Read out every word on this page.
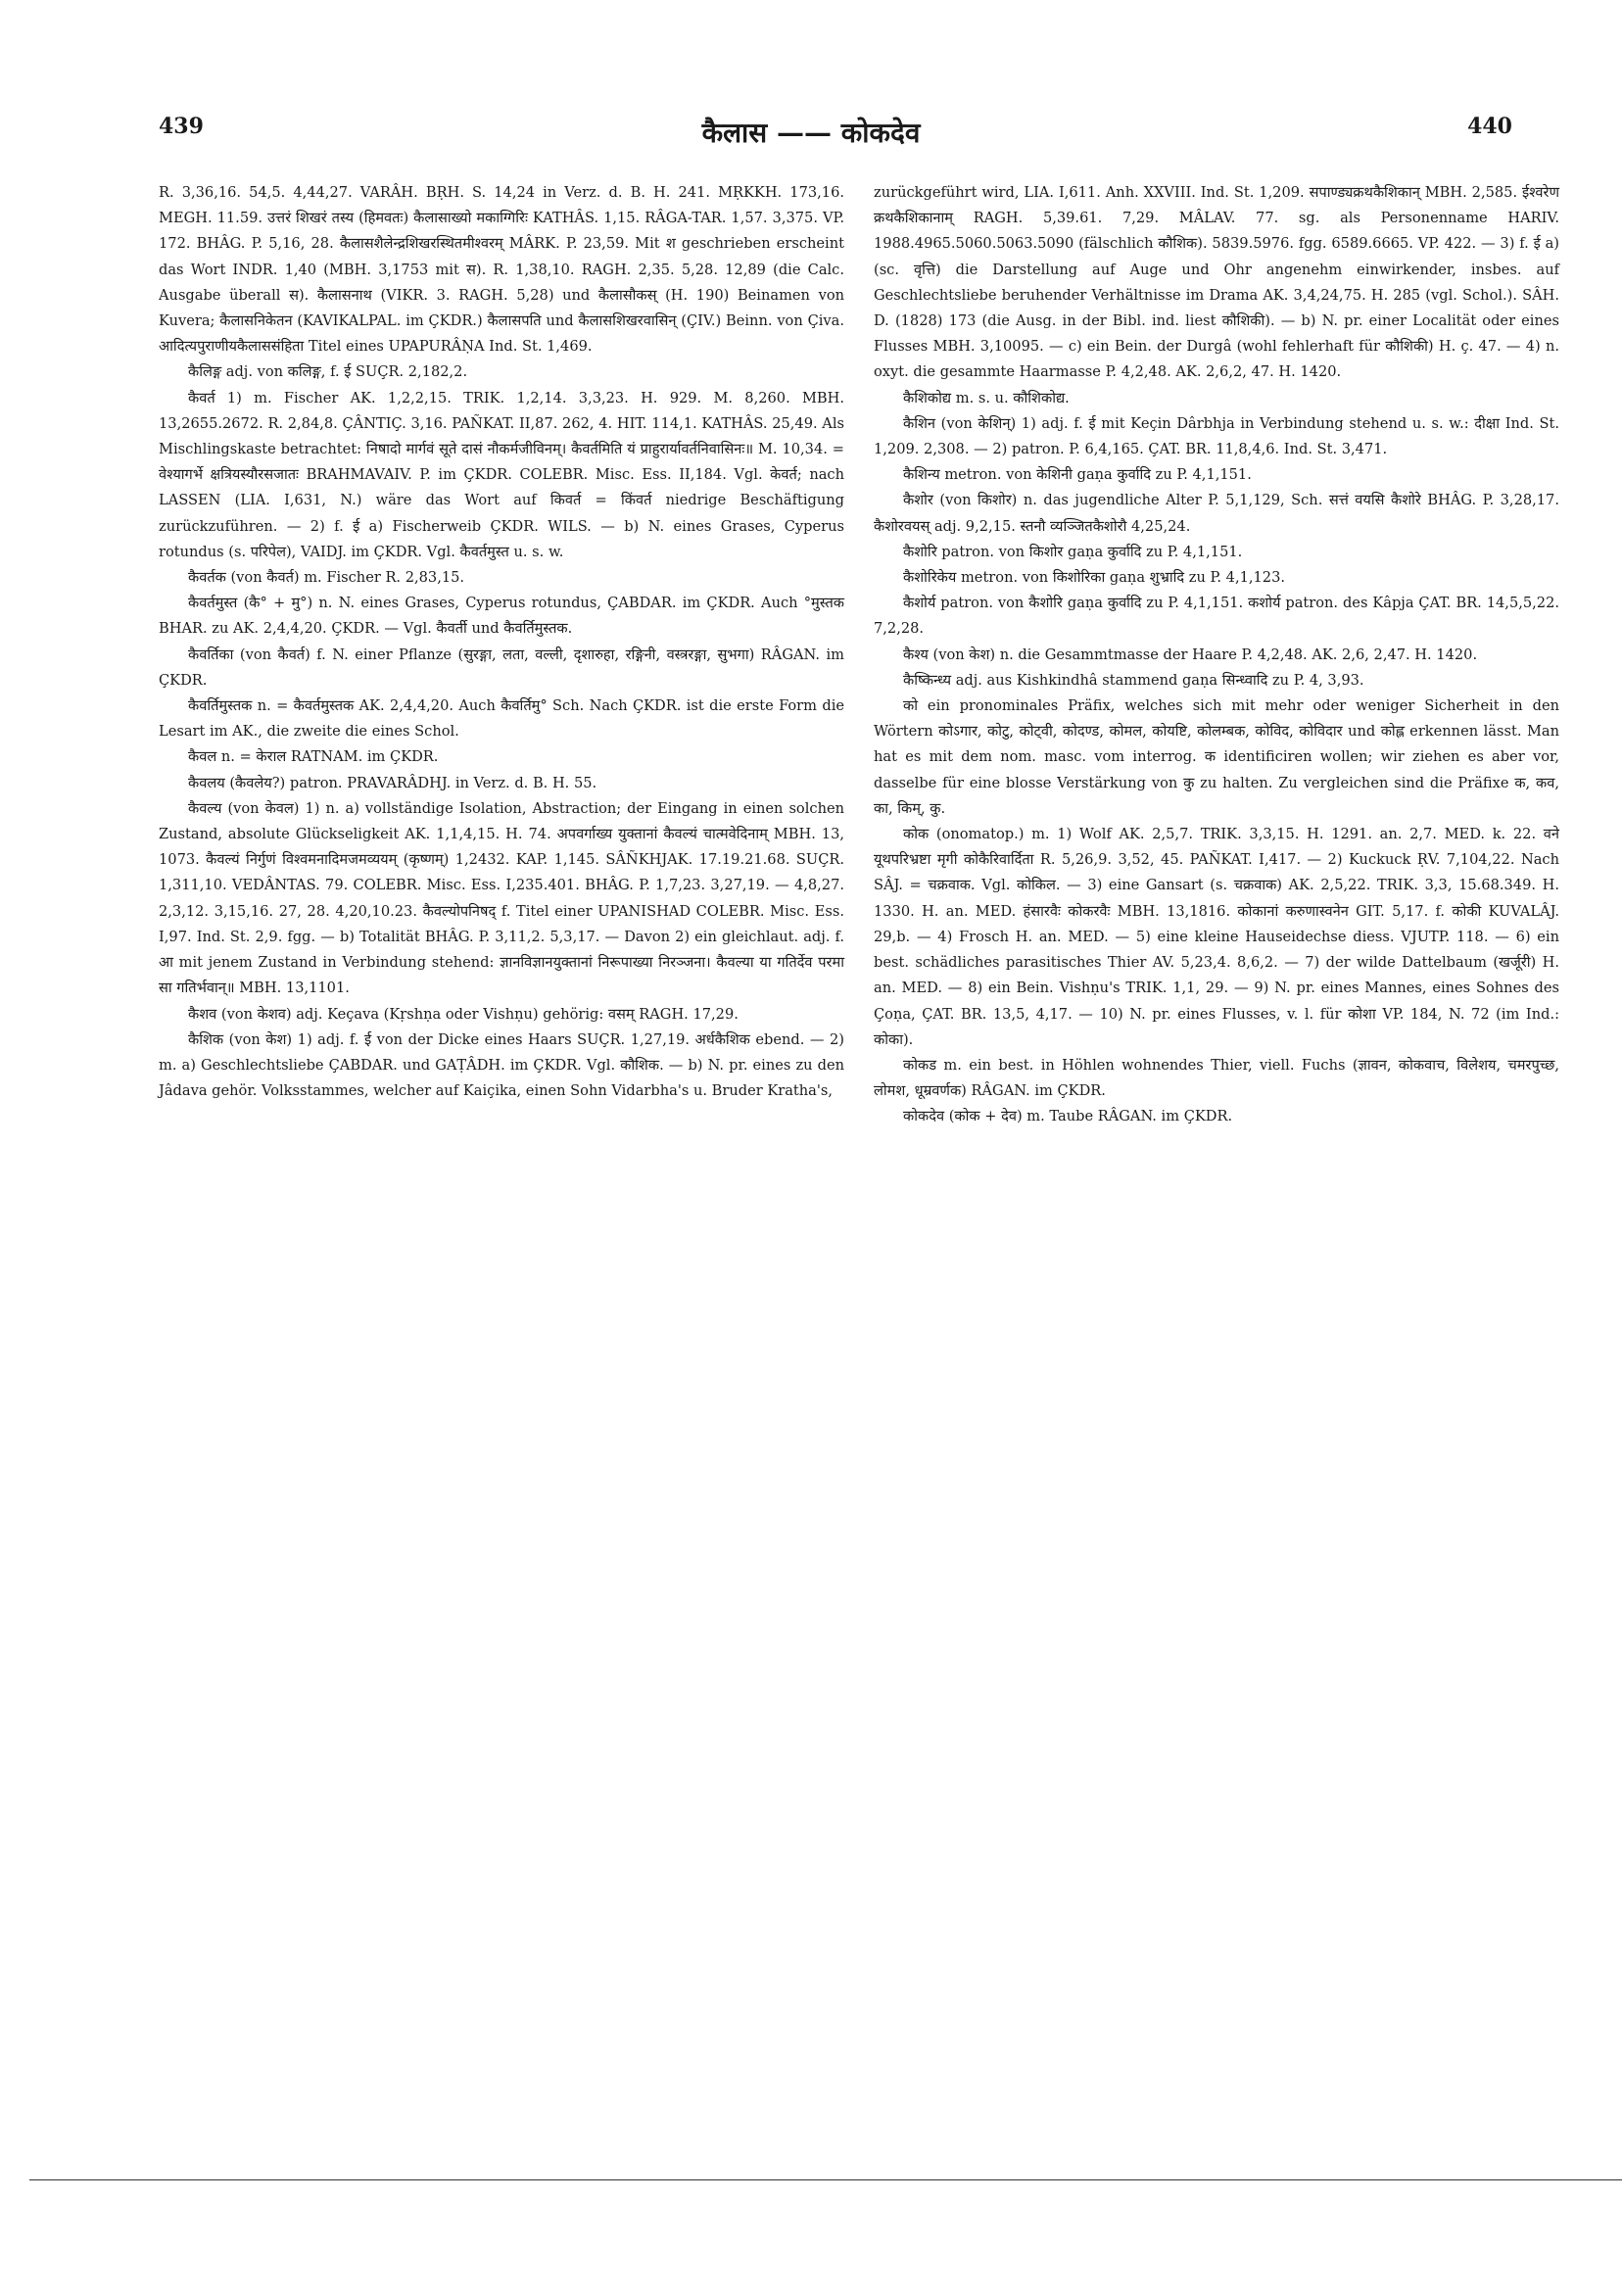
439	कैलास —— कोकदेव	440

R. 3,36,16. 54,5. 4,44,27. VARÂH. BṚH. S. 14,24 in Verz. d. B. H. 241. MṚKKH. 173,16. MEGH. 11.59. उत्तरं शिखरं तस्य (हिमवतः) कैलासाख्यो मकाग्गिरिः KATHÂS. 1,15. RÂGA-TAR. 1,57. 3,375. VP. 172. BHÂG. P. 5,16, 28. कैलासशैलेन्द्रशिखरस्थितमीश्वरम् MÂRK. P. 23,59. Mit श geschrieben erscheint das Wort INDR. 1,40 (MBH. 3,1753 mit स). R. 1,38,10. RAGH. 2,35. 5,28. 12,89 (die Calc. Ausgabe überall स). कैलासनाथ (VIKR. 3. RAGH. 5,28) und कैलासौकस् (H. 190) Beinamen von Kuvera; कैलासनिकेतन (KAVIKALPAL. im ÇKDR.) कैलासपति und कैलासशिखरवासिन् (ÇIV.) Beinn. von Çiva. आदित्यपुराणीयकैलाससंहिता Titel eines UPAPURÂṆA Ind. St. 1,469.

कैलिङ्ग adj. von कलिङ्ग, f. ई SUÇR. 2,182,2.

कैवर्त 1) m. Fischer AK. 1,2,2,15. TRIK. 1,2,14. 3,3,23. H. 929. M. 8,260. MBH. 13,2655.2672. R. 2,84,8. ÇÂNTIÇ. 3,16. PAÑKAT. II,87. 262, 4. HIT. 114,1. KATHÂS. 25,49. Als Mischlingskaste betrachtet: निषादो मार्गवं सूते दासं नौकर्मजीविनम्। कैवर्तमिति यं प्राहुरार्यावर्तनिवासिनः॥ M. 10,34. = वेश्यागर्भे क्षत्रियस्यौरसजातः BRAHMAVAIV. P. im ÇKDR. COLEBR. Misc. Ess. II,184. Vgl. केवर्त; nach LASSEN (LIA. I,631, N.) wäre das Wort auf किवर्त = किंवर्त niedrige Beschäftigung zurückzuführen. — 2) f. ई a) Fischerweib ÇKDR. WILS. — b) N. eines Grases, Cyperus rotundus (s. परिपेल), VAIDJ. im ÇKDR. Vgl. कैवर्तमुस्त u. s. w.

कैवर्तक (von कैवर्त) m. Fischer R. 2,83,15.

कैवर्तमुस्त (कै° + मु°) n. N. eines Grases, Cyperus rotundus, ÇABDAR. im ÇKDR. Auch °मुस्तक BHAR. zu AK. 2,4,4,20. ÇKDR. — Vgl. कैवर्ती und कैवर्तिमुस्तक.

कैवर्तिका (von कैवर्त) f. N. einer Pflanze (सुरङ्गा, लता, वल्ली, दृशारुहा, रङ्गिनी, वस्त्ररङ्गा, सुभगा) RÂGAN. im ÇKDR.

कैवर्तिमुस्तक n. = कैवर्तमुस्तक AK. 2,4,4,20. Auch कैवर्तिमु° Sch. Nach ÇKDR. ist die erste Form die Lesart im AK., die zweite die eines Schol.

कैवल n. = केराल RATNAM. im ÇKDR.

कैवलय (कैवलेय?) patron. PRAVARÂDHJ. in Verz. d. B. H. 55.

कैवल्य (von केवल) 1) n. a) vollständige Isolation, Abstraction; der Eingang in einen solchen Zustand, absolute Glückseligkeit AK. 1,1,4,15. H. 74. अपवर्गाख्य युक्तानां कैवल्यं चात्मवेदिनाम् MBH. 13, 1073. कैवल्यं निर्गुणं विश्वमनादिमजमव्ययम् (कृष्णम्) 1,2432. KAP. 1,145. SÂÑKHJAK. 17.19.21.68. SUÇR. 1,311,10. VEDÂNTAS. 79. COLEBR. Misc. Ess. I,235.401. BHÂG. P. 1,7,23. 3,27,19. — 4,8,27. 2,3,12. 3,15,16. 27, 28. 4,20,10.23. कैवल्योपनिषद् f. Titel einer UPANISHAD COLEBR. Misc. Ess. I,97. Ind. St. 2,9. fgg. — b) Totalität BHÂG. P. 3,11,2. 5,3,17. — Davon 2) ein gleichlaut. adj. f. आ mit jenem Zustand in Verbindung stehend: ज्ञानविज्ञानयुक्तानां निरूपाख्या निरञ्जना। कैवल्या या गतिर्देव परमा सा गतिर्भवान्॥ MBH. 13,1101.

कैशव (von केशव) adj. Keçava (Kṛshṇa oder Vishṇu) gehörig: वसम् RAGH. 17,29.

कैशिक (von केश) 1) adj. f. ई von der Dicke eines Haars SUÇR. 1,27,19. अर्धकैशिक ebend. — 2) m. a) Geschlechtsliebe ÇABDAR. und GAṬÂDH. im ÇKDR. Vgl. कौशिक. — b) N. pr. eines zu den Jâdava gehör. Volksstammes, welcher auf Kaiçika, einen Sohn Vidarbha's u. Bruder Kratha's,

zurückgeführt wird, LIA. I,611. Anh. XXVIII. Ind. St. 1,209. सपाण्ड्यक्रथकैशिकान् MBH. 2,585. ईश्वरेण क्रथकैशिकानाम् RAGH. 5,39.61. 7,29. MÂLAV. 77. sg. als Personenname HARIV. 1988.4965.5060.5063.5090 (fälschlich कौशिक). 5839.5976. fgg. 6589.6665. VP. 422. — 3) f. ई a) (sc. वृत्ति) die Darstellung auf Auge und Ohr angenehm einwirkender, insbes. auf Geschlechtsliebe beruhender Verhältnisse im Drama AK. 3,4,24,75. H. 285 (vgl. Schol.). SÂH. D. (1828) 173 (die Ausg. in der Bibl. ind. liest कौशिकी). — b) N. pr. einer Localität oder eines Flusses MBH. 3,10095. — c) ein Bein. der Durgâ (wohl fehlerhaft für कौशिकी) H. ç. 47. — 4) n. oxyt. die gesammte Haarmasse P. 4,2,48. AK. 2,6,2, 47. H. 1420.

कैशिकोद्य m. s. u. कौशिकोद्य.

कैशिन (von केशिन्) 1) adj. f. ई mit Keçin Dârbhja in Verbindung stehend u. s. w.: दीक्षा Ind. St. 1,209. 2,308. — 2) patron. P. 6,4,165. ÇAT. BR. 11,8,4,6. Ind. St. 3,471.

कैशिन्य metron. von केशिनी gaṇa कुर्वादि zu P. 4,1,151.

कैशोर (von किशोर) n. das jugendliche Alter P. 5,1,129, Sch. सत्तं वयसि कैशोरे BHÂG. P. 3,28,17. कैशोरवयस् adj. 9,2,15. स्तनौ व्यञ्जितकैशोरौ 4,25,24.

कैशोरि patron. von किशोर gaṇa कुर्वादि zu P. 4,1,151.

कैशोरिकेय metron. von किशोरिका gaṇa शुभ्रादि zu P. 4,1,123.

कैशोर्य patron. von कैशोरि gaṇa कुर्वादि zu P. 4,1,151. कशोर्य patron. des Kâpja ÇAT. BR. 14,5,5,22. 7,2,28.

कैश्य (von केश) n. die Gesammtmasse der Haare P. 4,2,48. AK. 2,6, 2,47. H. 1420.

कैष्किन्ध्य adj. aus Kishkindhâ stammend gaṇa सिन्ध्वादि zu P. 4, 3,93.

को ein pronominales Präfix, welches sich mit mehr oder weniger Sicherheit in den Wörtern कोऽगार, कोटु, कोट्वी, कोदण्ड, कोमल, कोयष्टि, कोलम्बक, कोविद, कोविदार und कोह्ल erkennen lässt. Man hat es mit dem nom. masc. vom interrog. क identificiren wollen; wir ziehen es aber vor, dasselbe für eine blosse Verstärkung von कु zu halten. Zu vergleichen sind die Präfixe क, कव, का, किम्, कु.

कोक (onomatop.) m. 1) Wolf AK. 2,5,7. TRIK. 3,3,15. H. 1291. an. 2,7. MED. k. 22. वने यूथपरिभ्रष्टा मृगी कोकैरिवार्दिता R. 5,26,9. 3,52, 45. PAÑKAT. I,417. — 2) Kuckuck ṚV. 7,104,22. Nach SÂJ. = चक्रवाक. Vgl. कोकिल. — 3) eine Gansart (s. चक्रवाक) AK. 2,5,22. TRIK. 3,3, 15.68.349. H. 1330. H. an. MED. हंसारवैः कोकरवैः MBH. 13,1816. कोकानां करुणास्वनेन GIT. 5,17. f. कोकी KUVALÂJ. 29,b. — 4) Frosch H. an. MED. — 5) eine kleine Hauseidechse diess. VJUTP. 118. — 6) ein best. schädliches parasitisches Thier AV. 5,23,4. 8,6,2. — 7) der wilde Dattelbaum (खर्जूरी) H. an. MED. — 8) ein Bein. Vishṇu's TRIK. 1,1, 29. — 9) N. pr. eines Mannes, eines Sohnes des Çoṇa, ÇAT. BR. 13,5, 4,17. — 10) N. pr. eines Flusses, v. l. für कोशा VP. 184, N. 72 (im Ind.: कोका).

कोकड m. ein best. in Höhlen wohnendes Thier, viell. Fuchs (ज्ञावन, कोकवाच, विलेशय, चमरपुच्छ, लोमश, धूम्रवर्णक) RÂGAN. im ÇKDR.

कोकदेव (कोक + देव) m. Taube RÂGAN. im ÇKDR.
